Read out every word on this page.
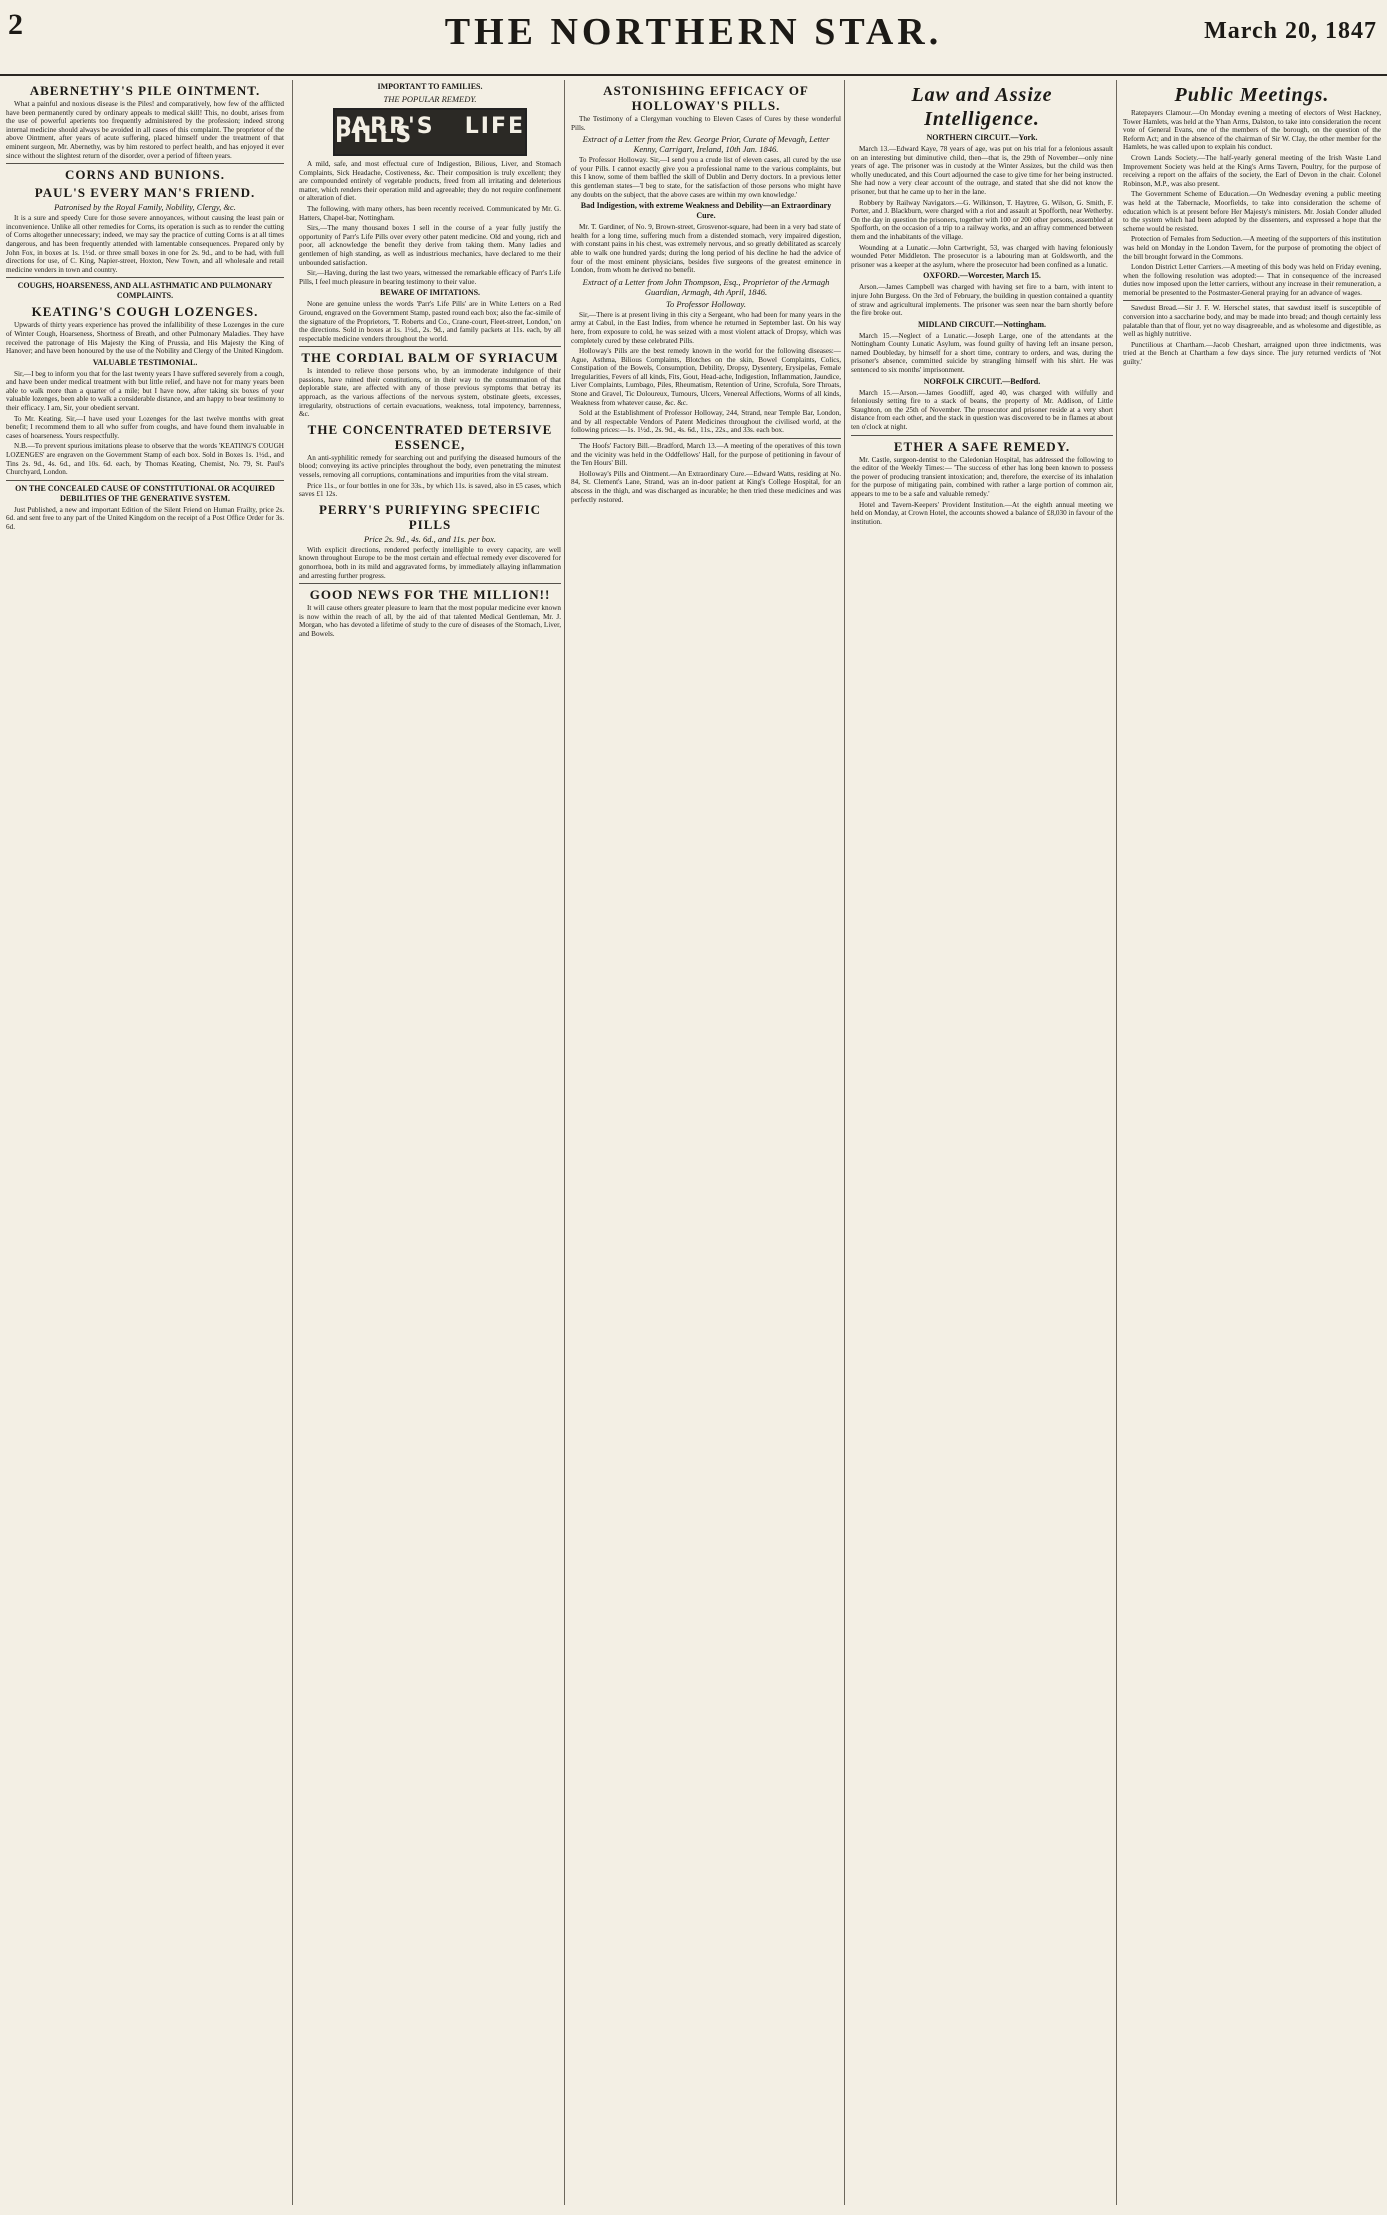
2	THE NORTHERN STAR.	March 20, 1847
ABERNETHY'S PILE OINTMENT.

What a painful and noxious disease is the Piles! and comparatively, how few of the afflicted have been permanently cured by ordinary appeals to medical skill! This, no doubt, arises from the use of powerful aperients too frequently administered by the profession; indeed strong internal medicine should always be avoided in all cases of this complaint. The proprietor of the above Ointment, after years of acute suffering, placed himself under the treatment of that eminent surgeon, Mr. Abernethy, was by him restored to perfect health, and has enjoyed it ever since without the slightest return of the disorder, over a period of fifteen years.

CORNS AND BUNIONS.
PAUL'S EVERY MAN'S FRIEND.
Patronised by the Royal Family, Nobility, Clergy, &c.

It is a sure and speedy Cure for those severe annoyances, without causing the least pain or inconvenience. Unlike all other remedies for Corns, its operation is such as to render the cutting of Corns altogether unnecessary; indeed, we may say the practice of cutting Corns is at all times dangerous, and has been frequently attended with lamentable consequences. Prepared only by John Fox, in boxes at 1s. 1½d. or three small boxes in one for 2s. 9d., and to be had, with full directions for use, of C. King, Napier-street, Hoxton, New Town, and all wholesale and retail medicine venders in town and country.

COUGHS, HOARSENESS, AND ALL ASTHMATIC AND PULMONARY COMPLAINTS.
KEATING'S COUGH LOZENGES.

Upwards of thirty years experience has proved the infallibility of these Lozenges in the cure of Winter Cough, Hoarseness, Shortness of Breath, and other Pulmonary Maladies. They have received the patronage of His Majesty the King of Prussia, and His Majesty the King of Hanover; and have been honoured by the use of the Nobility and Clergy of the United Kingdom.

VALUABLE TESTIMONIAL.

Sir,—I beg to inform you that for the last twenty years I have suffered severely from a cough, and have been under medical treatment with but little relief, and have not for many years been able to walk more than a quarter of a mile; but I have now, after taking six boxes of your valuable lozenges, been able to walk a considerable distance, and am happy to bear testimony to their efficacy. I am, Sir, your obedient servant.

To Mr. Keating. Sir,—I have used your Lozenges for the last twelve months with great benefit; I recommend them to all who suffer from coughs, and have found them invaluable in cases of hoarseness. Yours respectfully.

N.B.—To prevent spurious imitations please to observe that the words 'KEATING'S COUGH LOZENGES' are engraven on the Government Stamp of each box. Sold in Boxes 1s. 1½d., and Tins 2s. 9d., 4s. 6d., and 10s. 6d. each, by Thomas Keating, Chemist, No. 79, St. Paul's Churchyard, London.

ON THE CONCEALED CAUSE OF CONSTITUTIONAL OR ACQUIRED DEBILITIES OF THE GENERATIVE SYSTEM.

Just Published, a new and important Edition of the Silent Friend on Human Frailty, price 2s. 6d. and sent free to any part of the United Kingdom on the receipt of a Post Office Order for 3s. 6d.

IMPORTANT TO FAMILIES.
THE POPULAR REMEDY.
PARR'S LIFE PILLS

A mild, safe, and most effectual cure of Indigestion, Bilious, Liver, and Stomach Complaints, Sick Headache, Costiveness, &c. Their composition is truly excellent; they are compounded entirely of vegetable products, freed from all irritating and deleterious matter, which renders their operation mild and agreeable; they do not require confinement or alteration of diet.

The following, with many others, has been recently received. Communicated by Mr. G. Hatters, Chapel-bar, Nottingham.

Sirs,—The many thousand boxes I sell in the course of a year fully justify the opportunity of Parr's Life Pills over every other patent medicine. Old and young, rich and poor, all acknowledge the benefit they derive from taking them. Many ladies and gentlemen of high standing, as well as industrious mechanics, have declared to me their unbounded satisfaction.

Sir,—Having, during the last two years, witnessed the remarkable efficacy of Parr's Life Pills, I feel much pleasure in bearing testimony to their value.

BEWARE OF IMITATIONS.

None are genuine unless the words 'Parr's Life Pills' are in White Letters on a Red Ground, engraved on the Government Stamp, pasted round each box; also the fac-simile of the signature of the Proprietors, 'T. Roberts and Co., Crane-court, Fleet-street, London,' on the directions. Sold in boxes at 1s. 1½d., 2s. 9d., and family packets at 11s. each, by all respectable medicine venders throughout the world.

THE CORDIAL BALM OF SYRIACUM

Is intended to relieve those persons who, by an immoderate indulgence of their passions, have ruined their constitutions, or in their way to the consummation of that deplorable state, are affected with any of those previous symptoms that betray its approach, as the various affections of the nervous system, obstinate gleets, excesses, irregularity, obstructions of certain evacuations, weakness, total impotency, barrenness, &c.

THE CONCENTRATED DETERSIVE ESSENCE,

An anti-syphilitic remedy for searching out and purifying the diseased humours of the blood; conveying its active principles throughout the body, even penetrating the minutest vessels, removing all corruptions, contaminations and impurities from the vital stream.

Price 11s., or four bottles in one for 33s., by which 11s. is saved, also in £5 cases, which saves £1 12s.

PERRY'S PURIFYING SPECIFIC PILLS
Price 2s. 9d., 4s. 6d., and 11s. per box.

With explicit directions, rendered perfectly intelligible to every capacity, are well known throughout Europe to be the most certain and effectual remedy ever discovered for gonorrhoea, both in its mild and aggravated forms, by immediately allaying inflammation and arresting further progress.

GOOD NEWS FOR THE MILLION!!

It will cause others greater pleasure to learn that the most popular medicine ever known is now within the reach of all, by the aid of that talented Medical Gentleman, Mr. J. Morgan, who has devoted a lifetime of study to the cure of diseases of the Stomach, Liver, and Bowels.

ASTONISHING EFFICACY OF HOLLOWAY'S PILLS.

The Testimony of a Clergyman vouching to Eleven Cases of Cures by these wonderful Pills.

Extract of a Letter from the Rev. George Prior, Curate of Mevagh, Letter Kenny, Carrigart, Ireland, 10th Jan. 1846.

To Professor Holloway. Sir,—I send you a crude list of eleven cases, all cured by the use of your Pills. I cannot exactly give you a professional name to the various complaints, but this I know, some of them baffled the skill of Dublin and Derry doctors. In a previous letter this gentleman states—'I beg to state, for the satisfaction of those persons who might have any doubts on the subject, that the above cases are within my own knowledge.'

Bad Indigestion, with extreme Weakness and Debility—an Extraordinary Cure.

Mr. T. Gardiner, of No. 9, Brown-street, Grosvenor-square, had been in a very bad state of health for a long time, suffering much from a distended stomach, very impaired digestion, with constant pains in his chest, was extremely nervous, and so greatly debilitated as scarcely able to walk one hundred yards; during the long period of his decline he had the advice of four of the most eminent physicians, besides five surgeons of the greatest eminence in London, from whom he derived no benefit.

Extract of a Letter from John Thompson, Esq., Proprietor of the Armagh Guardian, Armagh, 4th April, 1846.
To Professor Holloway.

Sir,—There is at present living in this city a Sergeant, who had been for many years in the army at Cabul, in the East Indies, from whence he returned in September last. On his way here, from exposure to cold, he was seized with a most violent attack of Dropsy, which was completely cured by these celebrated Pills.

Holloway's Pills are the best remedy known in the world for the following diseases:— Ague, Asthma, Bilious Complaints, Blotches on the skin, Bowel Complaints, Colics, Constipation of the Bowels, Consumption, Debility, Dropsy, Dysentery, Erysipelas, Female Irregularities, Fevers of all kinds, Fits, Gout, Head-ache, Indigestion, Inflammation, Jaundice, Liver Complaints, Lumbago, Piles, Rheumatism, Retention of Urine, Scrofula, Sore Throats, Stone and Gravel, Tic Doloureux, Tumours, Ulcers, Venereal Affections, Worms of all kinds, Weakness from whatever cause, &c. &c.

Sold at the Establishment of Professor Holloway, 244, Strand, near Temple Bar, London, and by all respectable Vendors of Patent Medicines throughout the civilised world, at the following prices:—1s. 1½d., 2s. 9d., 4s. 6d., 11s., 22s., and 33s. each box.

The Hoofs' Factory Bill.—Bradford, March 13.—A meeting of the operatives of this town and the vicinity was held in the Oddfellows' Hall, for the purpose of petitioning in favour of the Ten Hours' Bill.

Holloway's Pills and Ointment.—An Extraordinary Cure.—Edward Watts, residing at No. 84, St. Clement's Lane, Strand, was an in-door patient at King's College Hospital, for an abscess in the thigh, and was discharged as incurable; he then tried these medicines and was perfectly restored.

Law and Assize Intelligence.
NORTHERN CIRCUIT.—York.

March 13.—Edward Kaye, 78 years of age, was put on his trial for a felonious assault on an interesting but diminutive child, then—that is, the 29th of November—only nine years of age. The prisoner was in custody at the Winter Assizes, but the child was then wholly uneducated, and this Court adjourned the case to give time for her being instructed. She had now a very clear account of the outrage, and stated that she did not know the prisoner, but that he came up to her in the lane.

Robbery by Railway Navigators.—G. Wilkinson, T. Haytree, G. Wilson, G. Smith, F. Porter, and J. Blackburn, were charged with a riot and assault at Spofforth, near Wetherby. On the day in question the prisoners, together with 100 or 200 other persons, assembled at Spofforth, on the occasion of a trip to a railway works, and an affray commenced between them and the inhabitants of the village.

Wounding at a Lunatic.—John Cartwright, 53, was charged with having feloniously wounded Peter Middleton. The prosecutor is a labouring man at Goldsworth, and the prisoner was a keeper at the asylum, where the prosecutor had been confined as a lunatic.

OXFORD.—Worcester, March 15.

Arson.—James Campbell was charged with having set fire to a barn, with intent to injure John Burgess. On the 3rd of February, the building in question contained a quantity of straw and agricultural implements. The prisoner was seen near the barn shortly before the fire broke out.

MIDLAND CIRCUIT.—Nottingham.

March 15.—Neglect of a Lunatic.—Joseph Large, one of the attendants at the Nottingham County Lunatic Asylum, was found guilty of having left an insane person, named Doubleday, by himself for a short time, contrary to orders, and was, during the prisoner's absence, committed suicide by strangling himself with his shirt. He was sentenced to six months' imprisonment.

NORFOLK CIRCUIT.—Bedford.

March 15.—Arson.—James Goodliff, aged 40, was charged with wilfully and feloniously setting fire to a stack of beans, the property of Mr. Addison, of Little Staughton, on the 25th of November. The prosecutor and prisoner reside at a very short distance from each other, and the stack in question was discovered to be in flames at about ten o'clock at night.

ETHER A SAFE REMEDY.

Mr. Castle, surgeon-dentist to the Caledonian Hospital, has addressed the following to the editor of the Weekly Times:— 'The success of ether has long been known to possess the power of producing transient intoxication; and, therefore, the exercise of its inhalation for the purpose of mitigating pain, combined with rather a large portion of common air, appears to me to be a safe and valuable remedy.'

Hotel and Tavern-Keepers' Provident Institution.—At the eighth annual meeting we held on Monday, at Crown Hotel, the accounts showed a balance of £8,030 in favour of the institution.

Public Meetings.

Ratepayers Clamour.—On Monday evening a meeting of electors of West Hackney, Tower Hamlets, was held at the Yhan Arms, Dalston, to take into consideration the recent vote of General Evans, one of the members of the borough, on the question of the Reform Act; and in the absence of the chairman of Sir W. Clay, the other member for the Hamlets, he was called upon to explain his conduct.

Crown Lands Society.—The half-yearly general meeting of the Irish Waste Land Improvement Society was held at the King's Arms Tavern, Poultry, for the purpose of receiving a report on the affairs of the society, the Earl of Devon in the chair. Colonel Robinson, M.P., was also present.

The Government Scheme of Education.—On Wednesday evening a public meeting was held at the Tabernacle, Moorfields, to take into consideration the scheme of education which is at present before Her Majesty's ministers. Mr. Josiah Conder alluded to the system which had been adopted by the dissenters, and expressed a hope that the scheme would be resisted.

Protection of Females from Seduction.—A meeting of the supporters of this institution was held on Monday in the London Tavern, for the purpose of promoting the object of the bill brought forward in the Commons.

London District Letter Carriers.—A meeting of this body was held on Friday evening, when the following resolution was adopted:— That in consequence of the increased duties now imposed upon the letter carriers, without any increase in their remuneration, a memorial be presented to the Postmaster-General praying for an advance of wages.

Sawdust Bread.—Sir J. F. W. Herschel states, that sawdust itself is susceptible of conversion into a saccharine body, and may be made into bread; and though certainly less palatable than that of flour, yet no way disagreeable, and as wholesome and digestible, as well as highly nutritive.

Punctilious at Chartham.—Jacob Cheshart, arraigned upon three indictments, was tried at the Bench at Chartham a few days since. The jury returned verdicts of 'Not guilty.'
